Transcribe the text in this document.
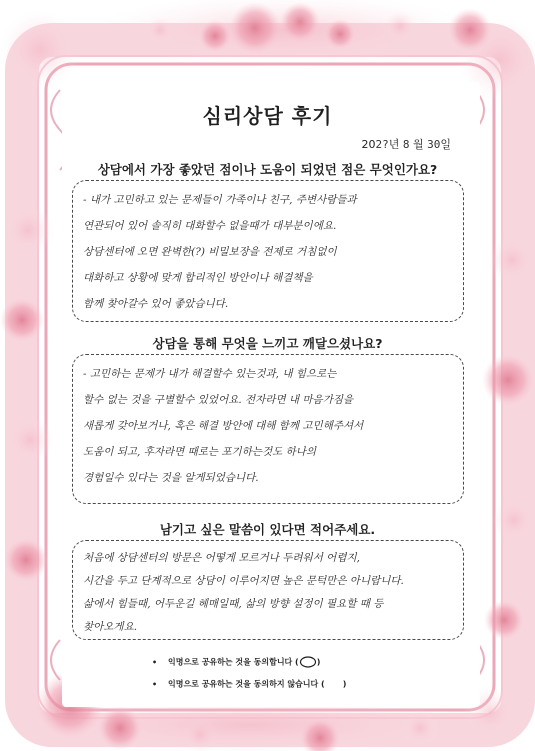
심리상담 후기
202?년 8 월 30일
상담에서 가장 좋았던 점이나 도움이 되었던 점은 무엇인가요?
- 내가 고민하고 있는 문제들이 가족이나 친구, 주변사람들과
연관되어 있어 솔직히 대화할수 없을때가 대부분이에요.
상담센터에 오면 완벽한(?) 비밀보장을 전제로 거침없이
대화하고 상황에 맞게 합리적인 방안이나 해결책을
함께 찾아갈수 있어 좋았습니다.
상담을 통해 무엇을 느끼고 깨달으셨나요?
- 고민하는 문제가 내가 해결할수 있는것과, 내 힘으로는
할수 없는 것을 구별할수 있었어요. 전자라면 내 마음가짐을
새롭게 갖아보거나, 혹은 해결 방안에 대해 함께 고민해주셔서
도움이 되고, 후자라면 때로는 포기하는것도 하나의
경험일수 있다는 것을 알게되었습니다.
남기고 싶은 말씀이 있다면 적어주세요.
처음에 상담센터의 방문은 어떻게 모르거나 두려워서 어렵지,
시간을 두고 단계적으로 상담이 이루어지면 높은 문턱만은 아니랍니다.
삶에서 힘들때, 어두운길 헤매일때, 삶의 방향 설정이 필요할 때 등
찾아오게요.
• 익명으로 공유하는 것을 동의합니다 ( )
• 익명으로 공유하는 것을 동의하지 않습니다 ( )
